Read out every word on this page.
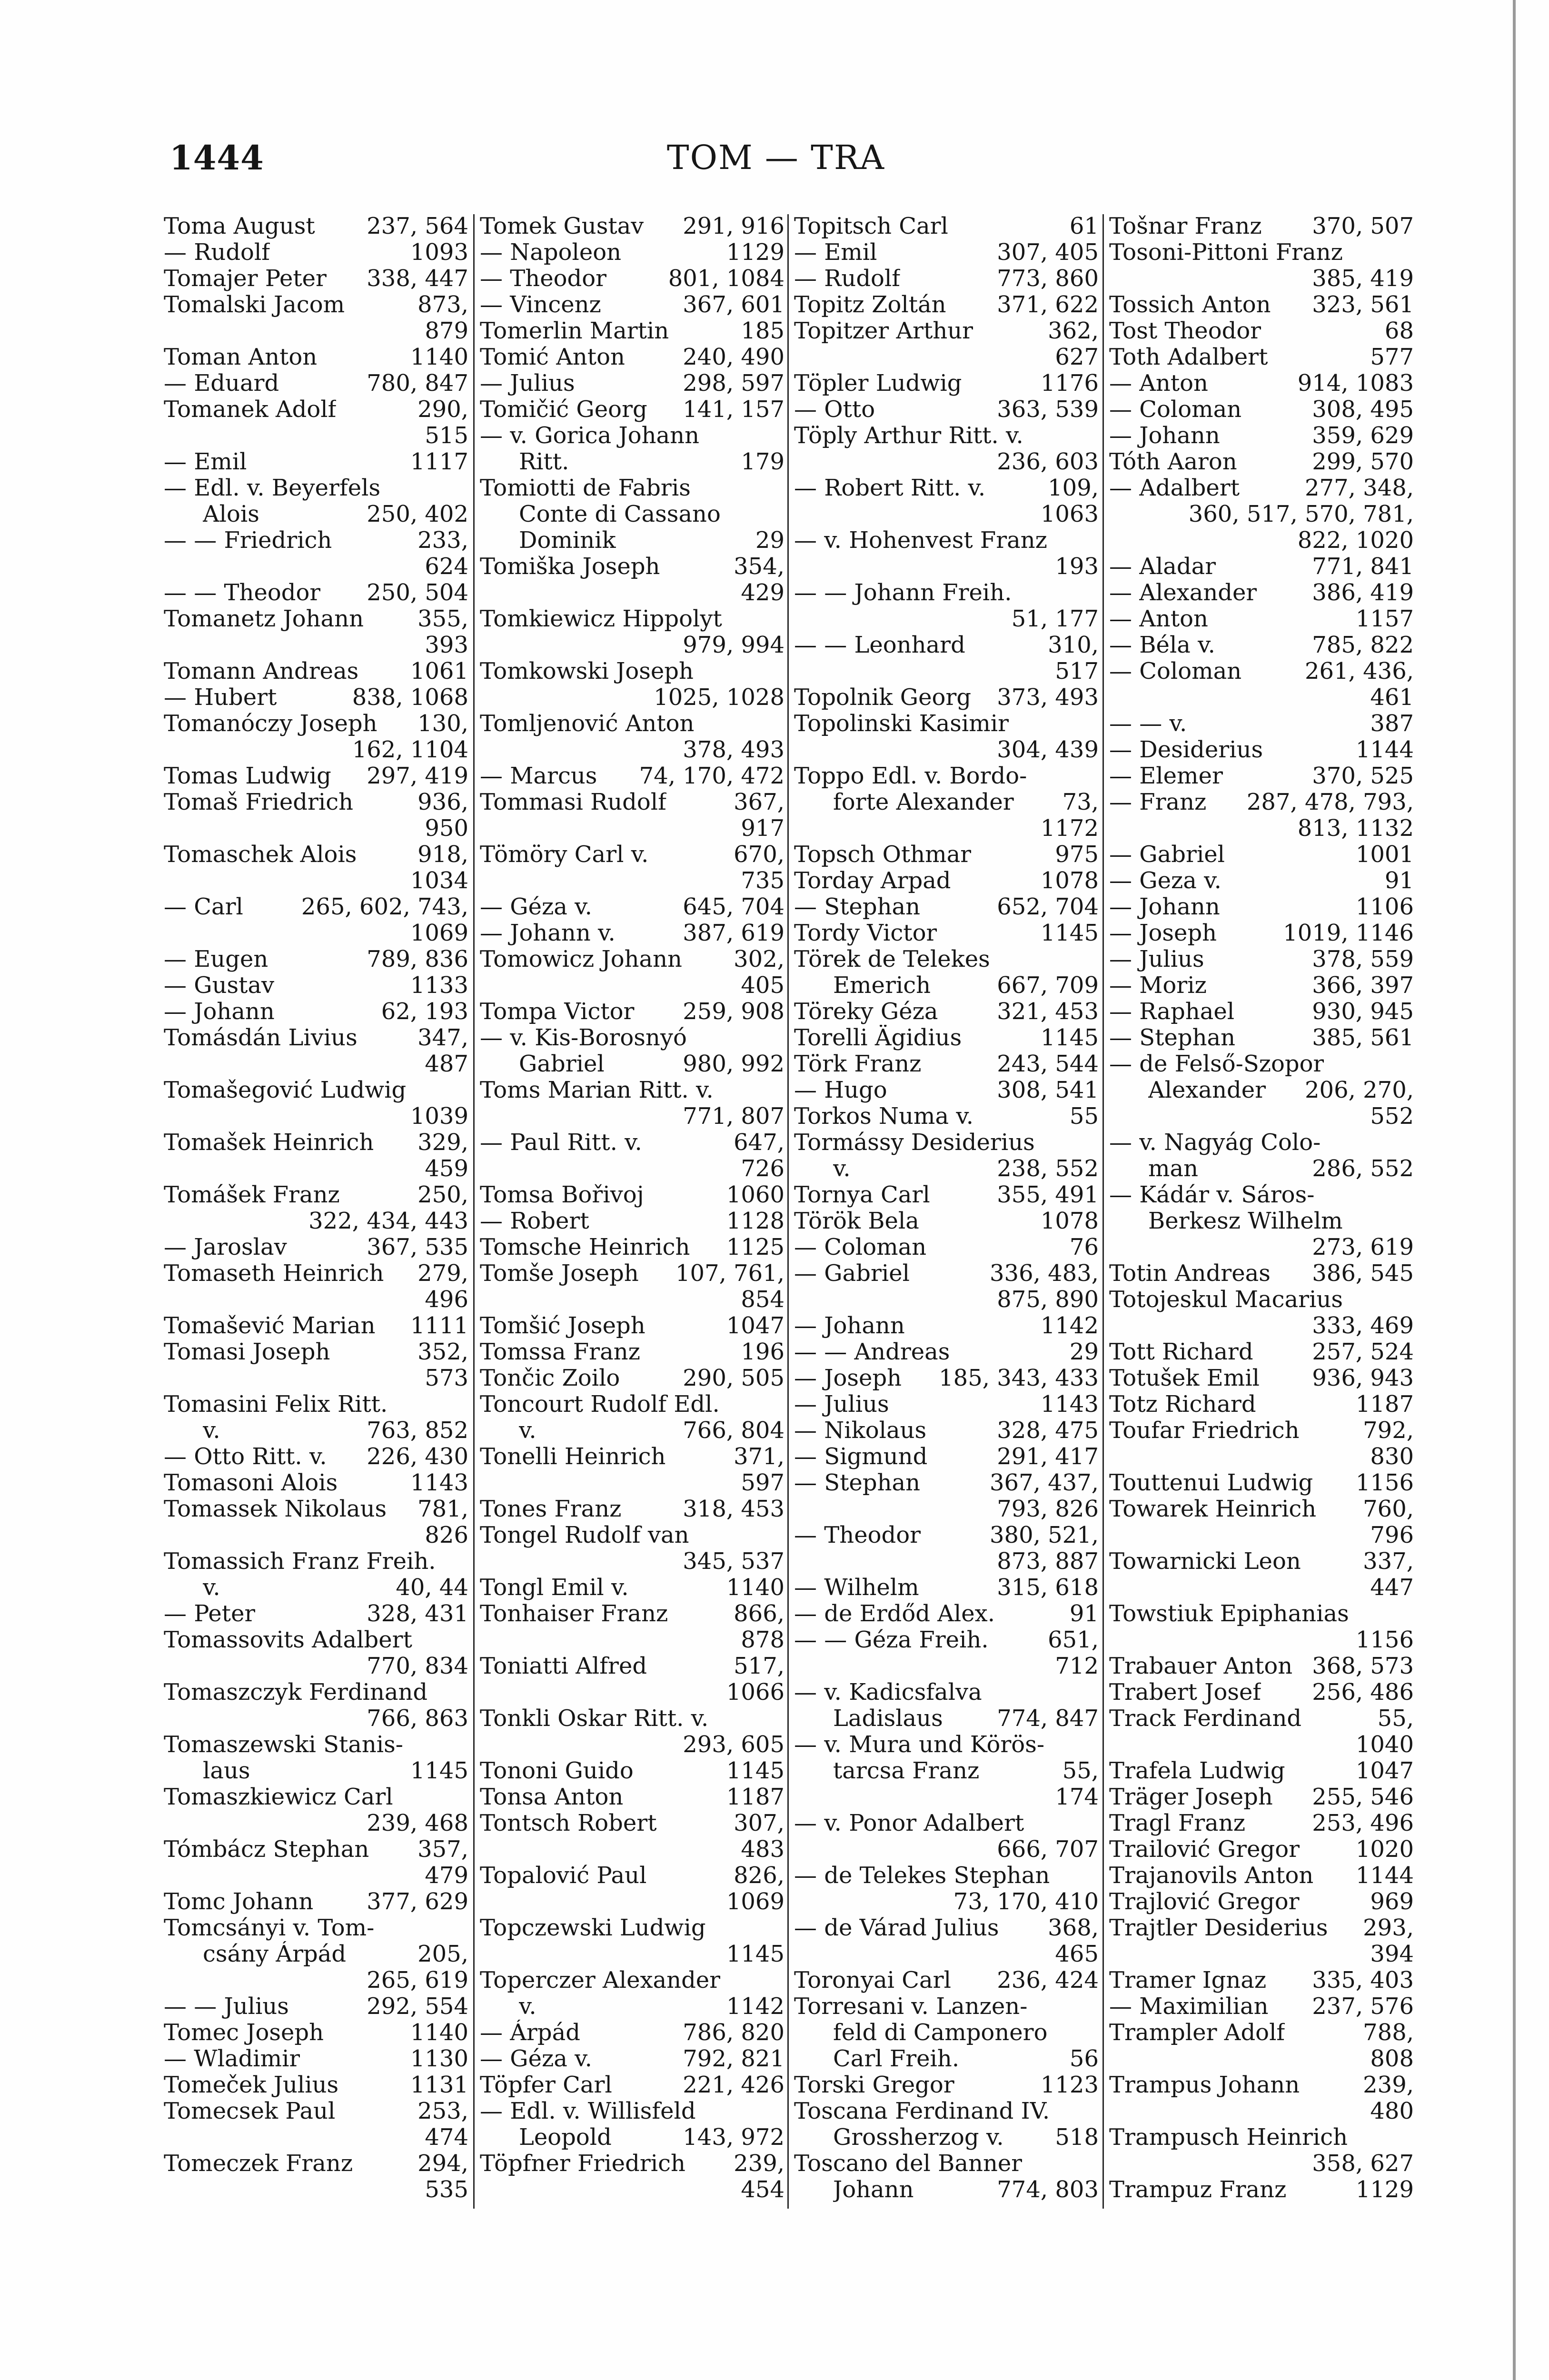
1444	TOM — TRA
Toma August 237, 564
— Rudolf	1093
Tomajer Peter 338, 447
Tomalski Jacom	873,
879
Toman Anton	1140
— Eduard	780, 847
Tomanek Adolf	290,
515
— Emil	1117
— Edl. v. Beyerfels
Alois	250, 402
— — Friedrich	233,
624
— — Theodor 250, 504
Tomanetz Johann 355,
393
Tomann Andreas 1061
— Hubert	838, 1068
Tomanóczy Joseph 130,
162, 1104
Tomas Ludwig 297, 419
Tomaš Friedrich	936,
950
Tomaschek Alois	918,
1034
— Carl	265, 602, 743,
1069
— Eugen	789, 836
— Gustav	1133
— Johann	62, 193
Tomásdán Livius	347,
487
Tomašegović Ludwig
1039
Tomašek Heinrich 329,
459
Tomášek Franz	250,
322, 434, 443
— Jaroslav	367, 535
Tomaseth Heinrich 279,
496
Tomašević Marian 1111
Tomasi Joseph	352,
573
Tomasini Felix Ritt.
v.	763, 852
— Otto Ritt. v. 226, 430
Tomasoni Alois	1143
Tomassek Nikolaus 781,
826
Tomassich Franz Freih.
v.	40, 44
— Peter	328, 431
Tomassovits Adalbert
770, 834
Tomaszczyk Ferdinand
766, 863
Tomaszewski Stanis-
laus	1145
Tomaszkiewicz Carl
239, 468
Tómbácz Stephan 357,
479
Tomc Johann 377, 629
Tomcsányi v. Tom-
csány Árpád	205,
265, 619
— — Julius	292, 554
Tomec Joseph	1140
— Wladimir	1130
Tomeček Julius	1131
Tomecsek Paul	253,
474
Tomeczek Franz	294,
535
Tomek Gustav 291, 916
— Napoleon	1129
— Theodor	801, 1084
— Vincenz	367, 601
Tomerlin Martin	185
Tomić Anton	240, 490
— Julius	298, 597
Tomičić Georg 141, 157
— v. Gorica Johann
Ritt.	179
Tomiotti de Fabris
Conte di Cassano
Dominik	29
Tomiška Joseph	354,
429
Tomkiewicz Hippolyt
979, 994
Tomkowski Joseph
1025, 1028
Tomljenović Anton
378, 493
— Marcus 74, 170, 472
Tommasi Rudolf	367,
917
Tömöry Carl v.	670,
735
— Géza v.	645, 704
— Johann v.	387, 619
Tomowicz Johann 302,
405
Tompa Victor 259, 908
— v. Kis-Borosnyó
Gabriel	980, 992
Toms Marian Ritt. v.
771, 807
— Paul Ritt. v.	647,
726
Tomsa Bořivoj	1060
— Robert	1128
Tomsche Heinrich 1125
Tomše Joseph 107, 761,
854
Tomšić Joseph	1047
Tomssa Franz	196
Tončic Zoilo	290, 505
Toncourt Rudolf Edl.
v.	766, 804
Tonelli Heinrich	371,
597
Tones Franz	318, 453
Tongel Rudolf van
345, 537
Tongl Emil v.	1140
Tonhaiser Franz	866,
878
Toniatti Alfred	517,
1066
Tonkli Oskar Ritt. v.
293, 605
Tononi Guido	1145
Tonsa Anton	1187
Tontsch Robert	307,
483
Topalović Paul	826,
1069
Topczewski Ludwig
1145
Toperczer Alexander
v.	1142
— Árpád	786, 820
— Géza v.	792, 821
Töpfer Carl	221, 426
— Edl. v. Willisfeld
Leopold	143, 972
Töpfner Friedrich 239,
454
Topitsch Carl	61
— Emil	307, 405
— Rudolf	773, 860
Topitz Zoltán 371, 622
Topitzer Arthur	362,
627
Töpler Ludwig	1176
— Otto	363, 539
Töply Arthur Ritt. v.
236, 603
— Robert Ritt. v.	109,
1063
— v. Hohenvest Franz
193
— — Johann Freih.
51, 177
— — Leonhard	310,
517
Topolnik Georg 373, 493
Topolinski Kasimir
304, 439
Toppo Edl. v. Bordo-
forte Alexander 73,
1172
Topsch Othmar	975
Torday Arpad	1078
— Stephan	652, 704
Tordy Victor	1145
Törek de Telekes
Emerich	667, 709
Töreky Géza	321, 453
Torelli Ägidius	1145
Törk Franz	243, 544
— Hugo	308, 541
Torkos Numa v.	55
Tormássy Desiderius
v.	238, 552
Tornya Carl	355, 491
Török Bela	1078
— Coloman	76
— Gabriel	336, 483,
875, 890
— Johann	1142
— — Andreas	29
— Joseph 185, 343, 433
— Julius	1143
— Nikolaus	328, 475
— Sigmund	291, 417
— Stephan	367, 437,
793, 826
— Theodor	380, 521,
873, 887
— Wilhelm	315, 618
— de Erdőd Alex.	91
— — Géza Freih.	651,
712
— v. Kadicsfalva
Ladislaus 774, 847
— v. Mura und Körös-
tarcsa Franz	55,
174
— v. Ponor Adalbert
666, 707
— de Telekes Stephan
73, 170, 410
— de Várad Julius 368,
465
Toronyai Carl 236, 424
Torresani v. Lanzen-
feld di Camponero
Carl Freih.	56
Torski Gregor	1123
Toscana Ferdinand IV.
Grossherzog v. 518
Toscano del Banner
Johann	774, 803
Tošnar Franz 370, 507
Tosoni-Pittoni Franz
385, 419
Tossich Anton 323, 561
Tost Theodor	68
Toth Adalbert	577
— Anton	914, 1083
— Coloman	308, 495
— Johann	359, 629
Tóth Aaron	299, 570
— Adalbert	277, 348,
360, 517, 570, 781,
822, 1020
— Aladar	771, 841
— Alexander 386, 419
— Anton	1157
— Béla v.	785, 822
— Coloman	261, 436,
461
— — v.	387
— Desiderius	1144
— Elemer	370, 525
— Franz 287, 478, 793,
813, 1132
— Gabriel	1001
— Geza v.	91
— Johann	1106
— Joseph	1019, 1146
— Julius	378, 559
— Moriz	366, 397
— Raphael	930, 945
— Stephan	385, 561
— de Felső-Szopor
Alexander 206, 270,
552
— v. Nagyág Colo-
man	286, 552
— Kádár v. Sáros-
Berkesz Wilhelm
273, 619
Totin Andreas 386, 545
Totojeskul Macarius
333, 469
Tott Richard	257, 524
Totušek Emil 936, 943
Totz Richard	1187
Toufar Friedrich	792,
830
Touttenui Ludwig 1156
Towarek Heinrich 760,
796
Towarnicki Leon	337,
447
Towstiuk Epiphanias
1156
Trabauer Anton 368, 573
Trabert Josef 256, 486
Track Ferdinand	55,
1040
Trafela Ludwig	1047
Träger Joseph 255, 546
Tragl Franz	253, 496
Trailović Gregor 1020
Trajanovils Anton 1144
Trajlović Gregor	969
Trajtler Desiderius 293,
394
Tramer Ignaz 335, 403
— Maximilian 237, 576
Trampler Adolf	788,
808
Trampus Johann	239,
480
Trampusch Heinrich
358, 627
Trampuz Franz	1129
